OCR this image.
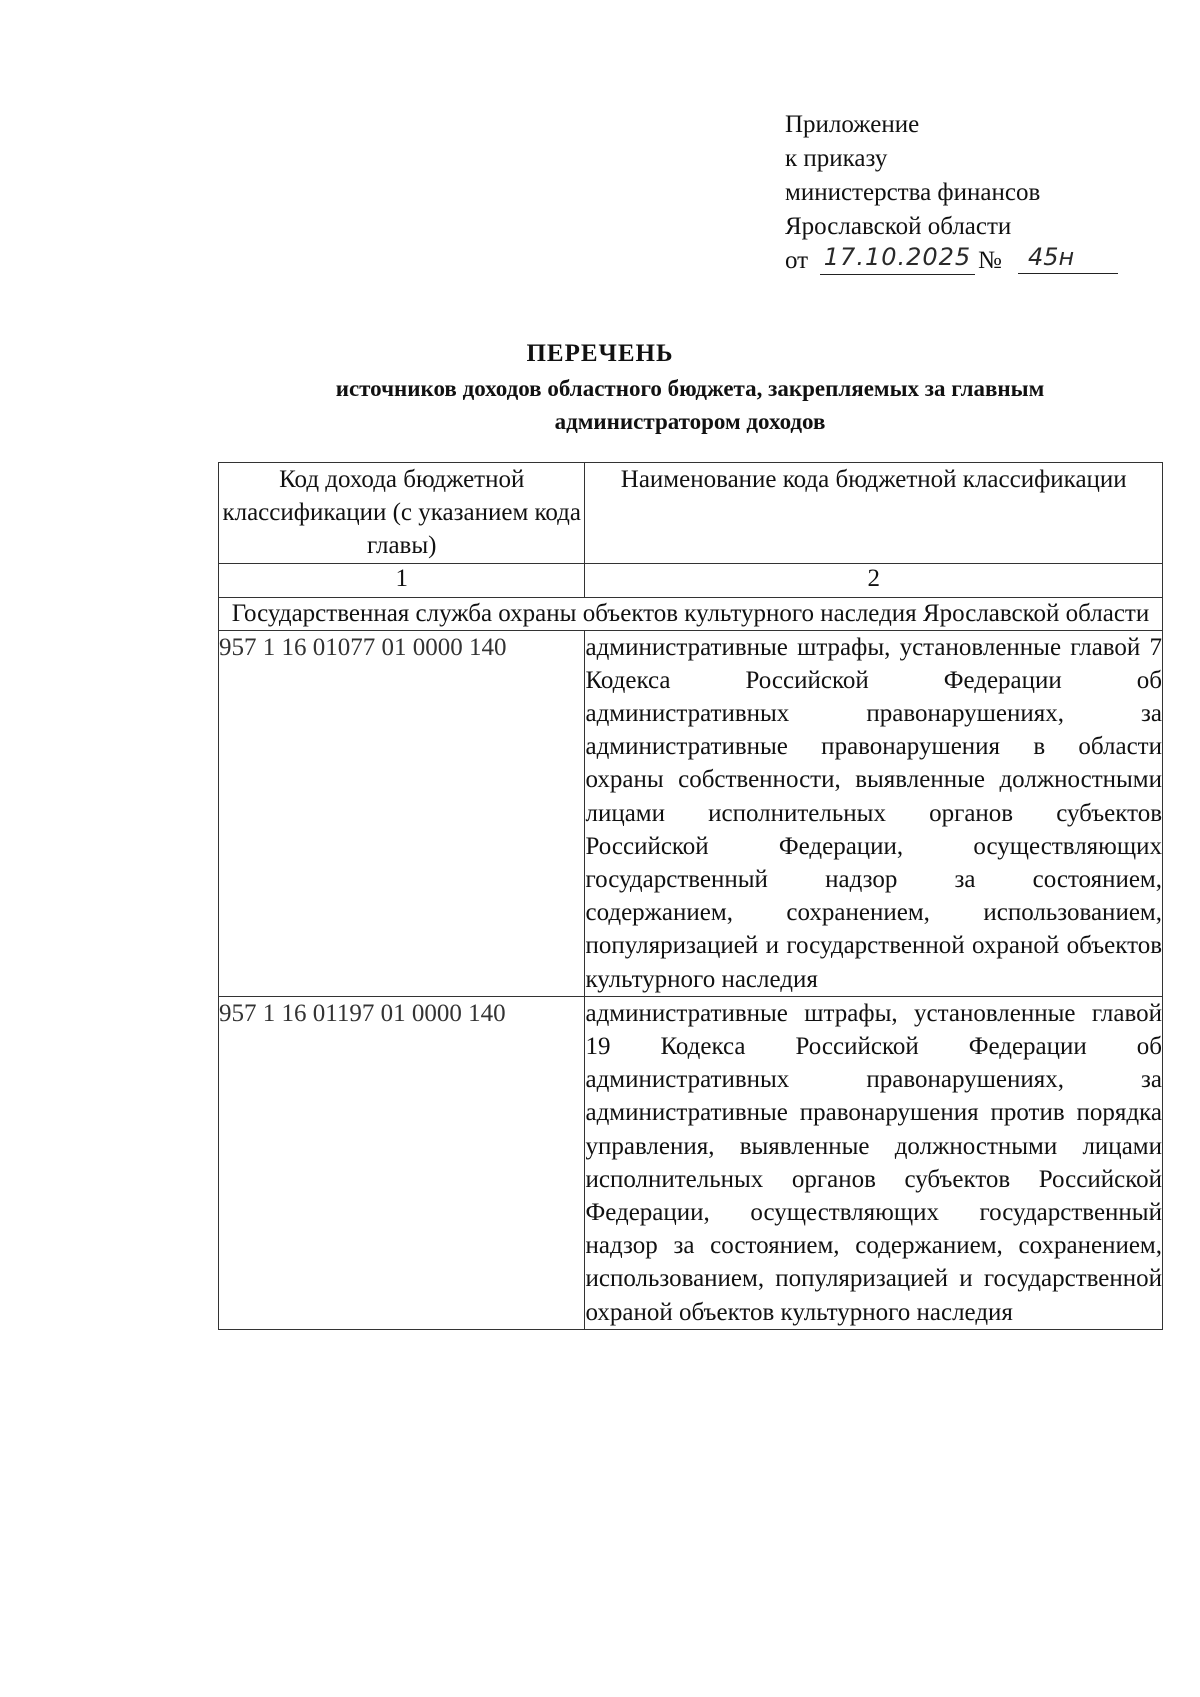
Приложение
к приказу
министерства финансов
Ярославской области
от 17.10.2025 №	45н
ПЕРЕЧЕНЬ
источников доходов областного бюджета, закрепляемых за главным администратором доходов
Код дохода бюджетной классификации (с указанием кода главы)	Наименование кода бюджетной классификации
1	2
Государственная служба охраны объектов культурного наследия Ярославской области	
957 1 16 01077 01 0000 140	административные штрафы, установленные главой 7 Кодекса Российской Федерации об административных правонарушениях, за административные правонарушения в области охраны собственности, выявленные должностными лицами исполнительных органов субъектов Российской Федерации, осуществляющих государственный надзор за состоянием, содержанием, сохранением, использованием, популяризацией и государственной охраной объектов культурного наследия
957 1 16 01197 01 0000 140	административные штрафы, установленные главой 19 Кодекса Российской Федерации об административных правонарушениях, за административные правонарушения против порядка управления, выявленные должностными лицами исполнительных органов субъектов Российской Федерации, осуществляющих государственный надзор за состоянием, содержанием, сохранением, использованием, популяризацией и государственной охраной объектов культурного наследия
